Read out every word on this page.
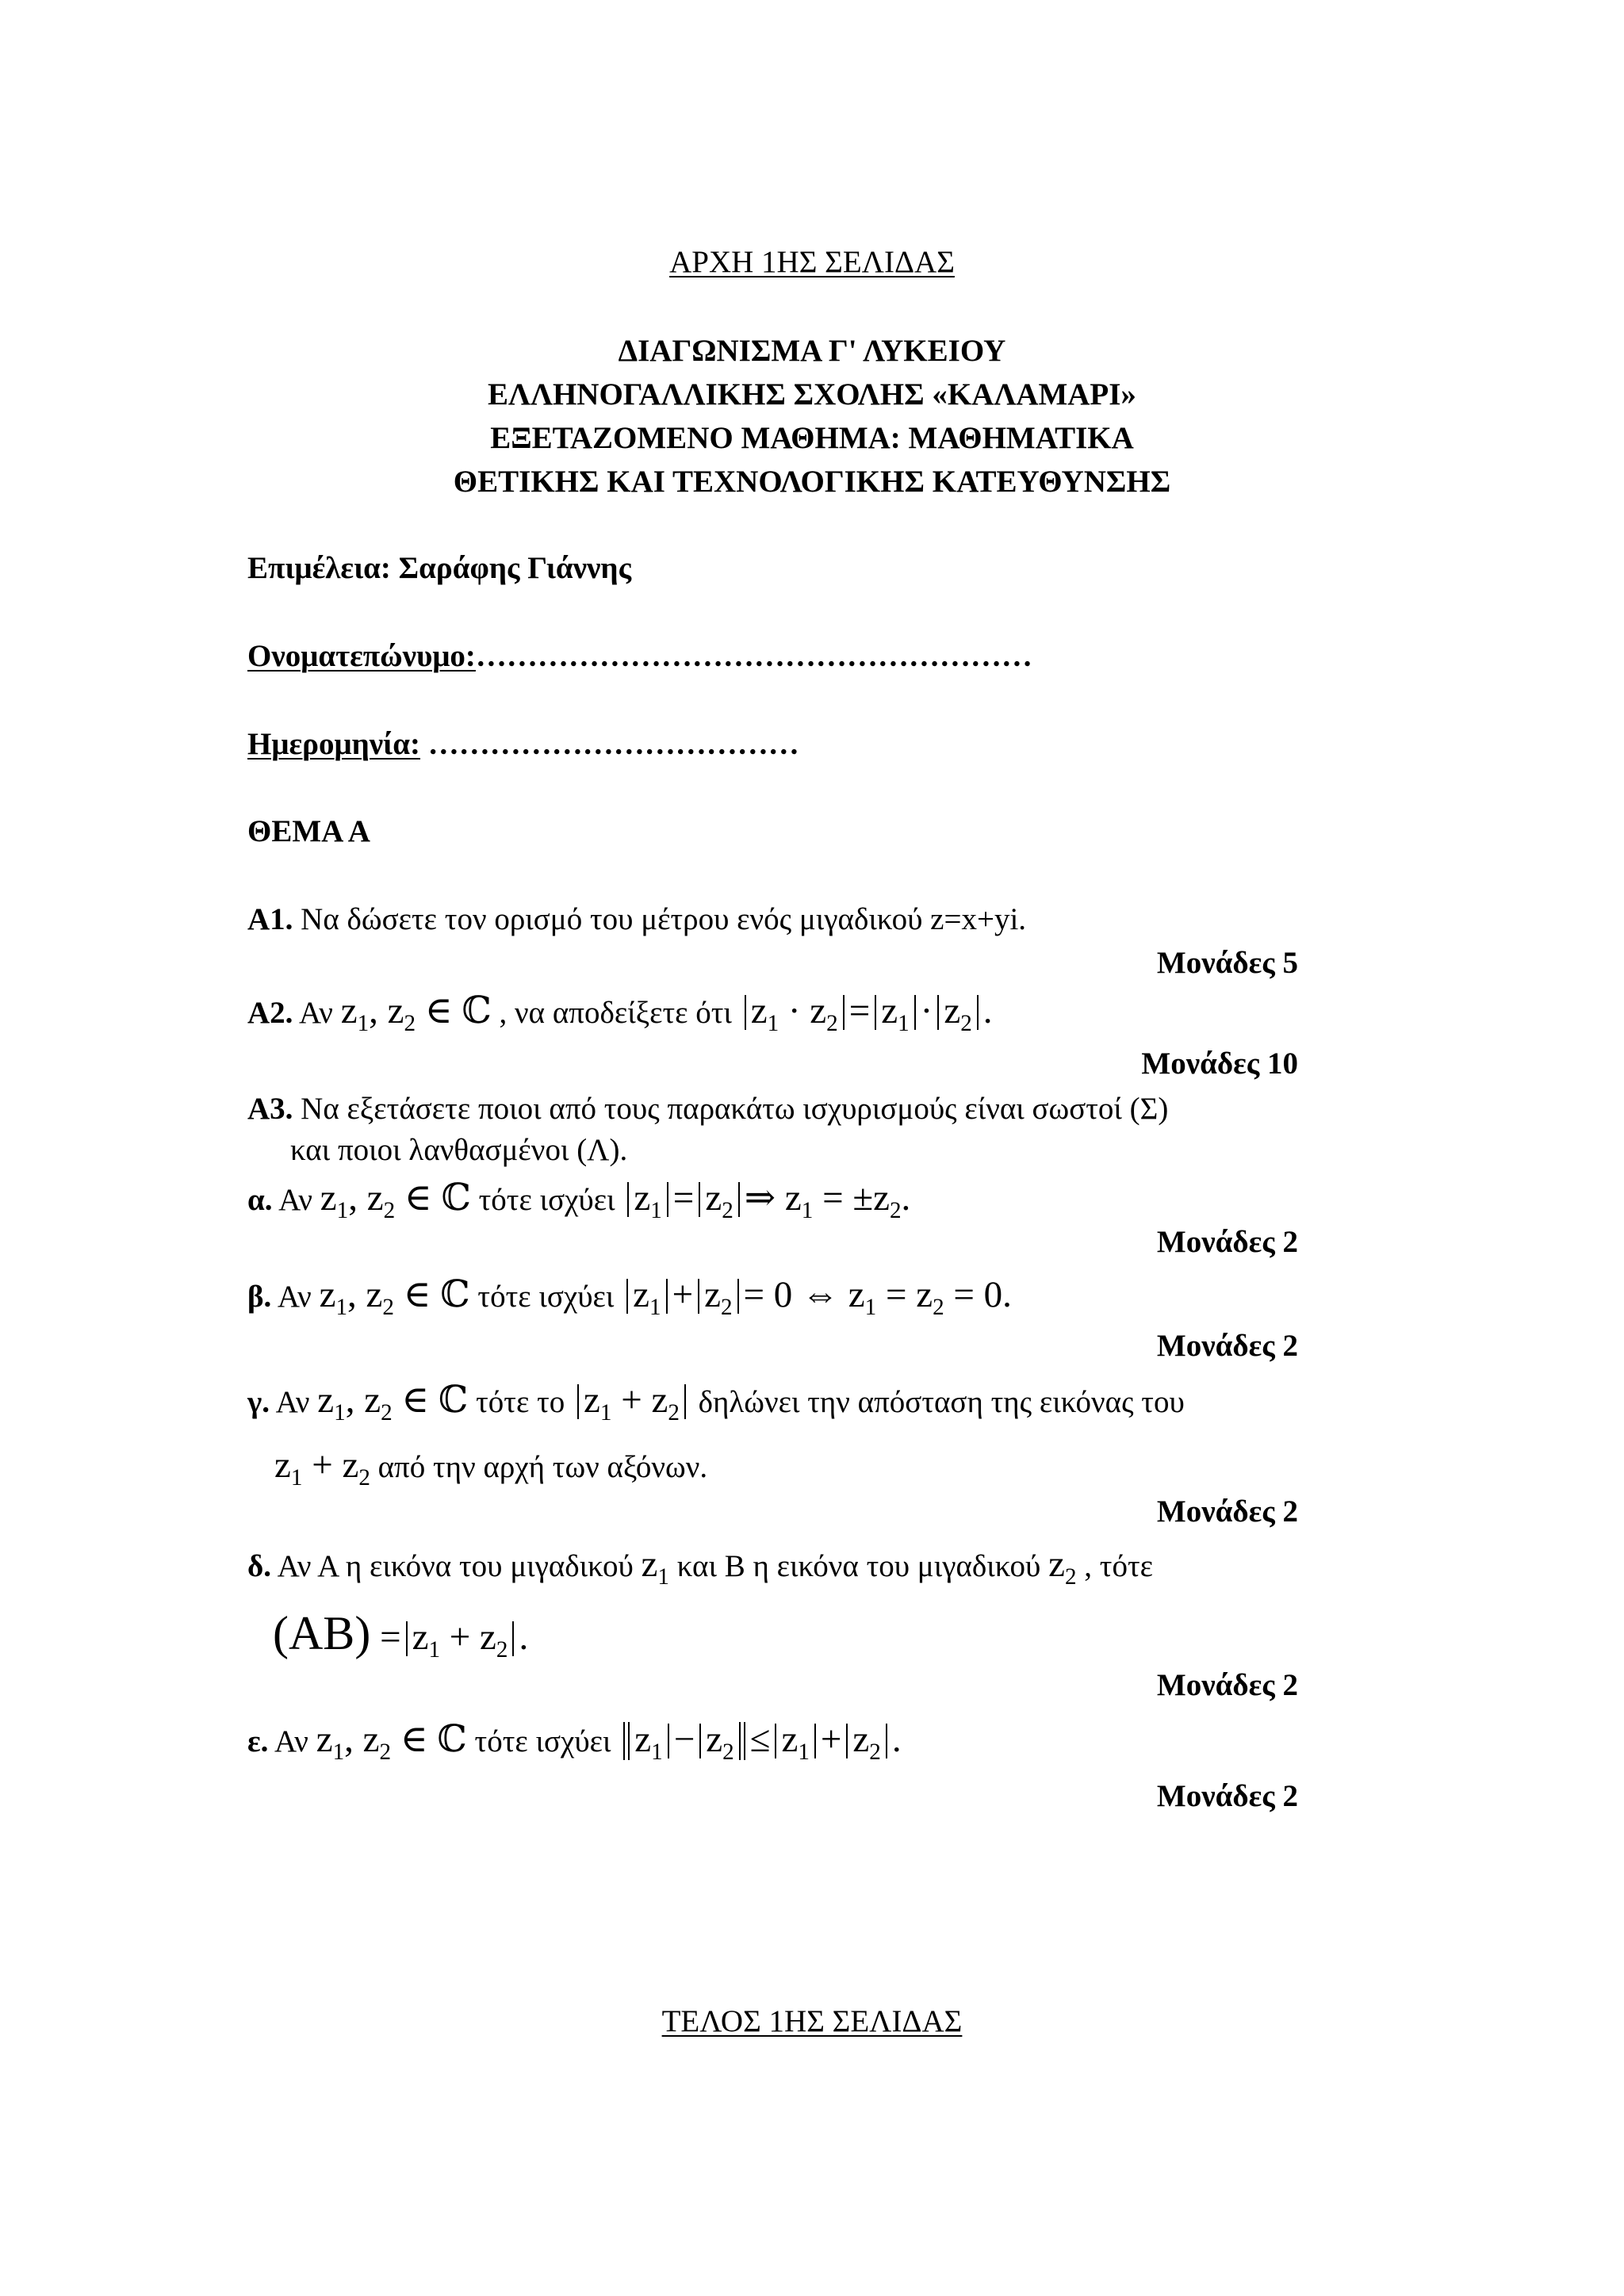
ΑΡΧΗ 1ΗΣ ΣΕΛΙΔΑΣ
ΔΙΑΓΩΝΙΣΜΑ Γ' ΛΥΚΕΙΟΥ
ΕΛΛΗΝΟΓΑΛΛΙΚΗΣ ΣΧΟΛΗΣ «ΚΑΛΑΜΑΡΙ»
ΕΞΕΤΑΖΟΜΕΝΟ ΜΑΘΗΜΑ: ΜΑΘΗΜΑΤΙΚΑ
ΘΕΤΙΚΗΣ ΚΑΙ ΤΕΧΝΟΛΟΓΙΚΗΣ ΚΑΤΕΥΘΥΝΣΗΣ
Επιμέλεια: Σαράφης Γιάννης
Ονοματεπώνυμο:………………………………………………
Ημερομηνία: ………………………………
ΘΕΜΑ Α
Α1. Να δώσετε τον ορισμό του μέτρου ενός μιγαδικού z=x+yi.
Μονάδες 5
Α2. Αν $z_1$, $z_2$ ∈ ℂ , να αποδείξετε ότι $z_1 \cdot z_2 = z_1 \cdot z_2$ .
Μονάδες 10
Α3. Να εξετάσετε ποιοι από τους παρακάτω ισχυρισμούς είναι σωστοί (Σ)
και ποιοι λανθασμένοι (Λ).
α. Αν $z_1$, $z_2$ ∈ ℂ τότε ισχύει $z_1 = z_2$ ⇒ $z_1 = \pm z_2$.
Μονάδες 2
β. Αν $z_1$, $z_2$ ∈ ℂ τότε ισχύει $z_1 + z_2 = 0$ ⇔ $z_1 = z_2 = 0$.
Μονάδες 2
γ. Αν $z_1$, $z_2$ ∈ ℂ τότε το $z_1 + z_2$ δηλώνει την απόσταση της εικόνας του
$z_1 + z_2$ από την αρχή των αξόνων.
Μονάδες 2
δ. Αν Α η εικόνα του μιγαδικού $z_1$ και Β η εικόνα του μιγαδικού $z_2$ , τότε
$(AB) = z_1 + z_2$ .
Μονάδες 2
ε. Αν $z_1$, $z_2$ ∈ ℂ τότε ισχύει $z_1 - z_2 \le z_1 + z_2$ .
Μονάδες 2
ΤΕΛΟΣ 1ΗΣ ΣΕΛΙΔΑΣ
